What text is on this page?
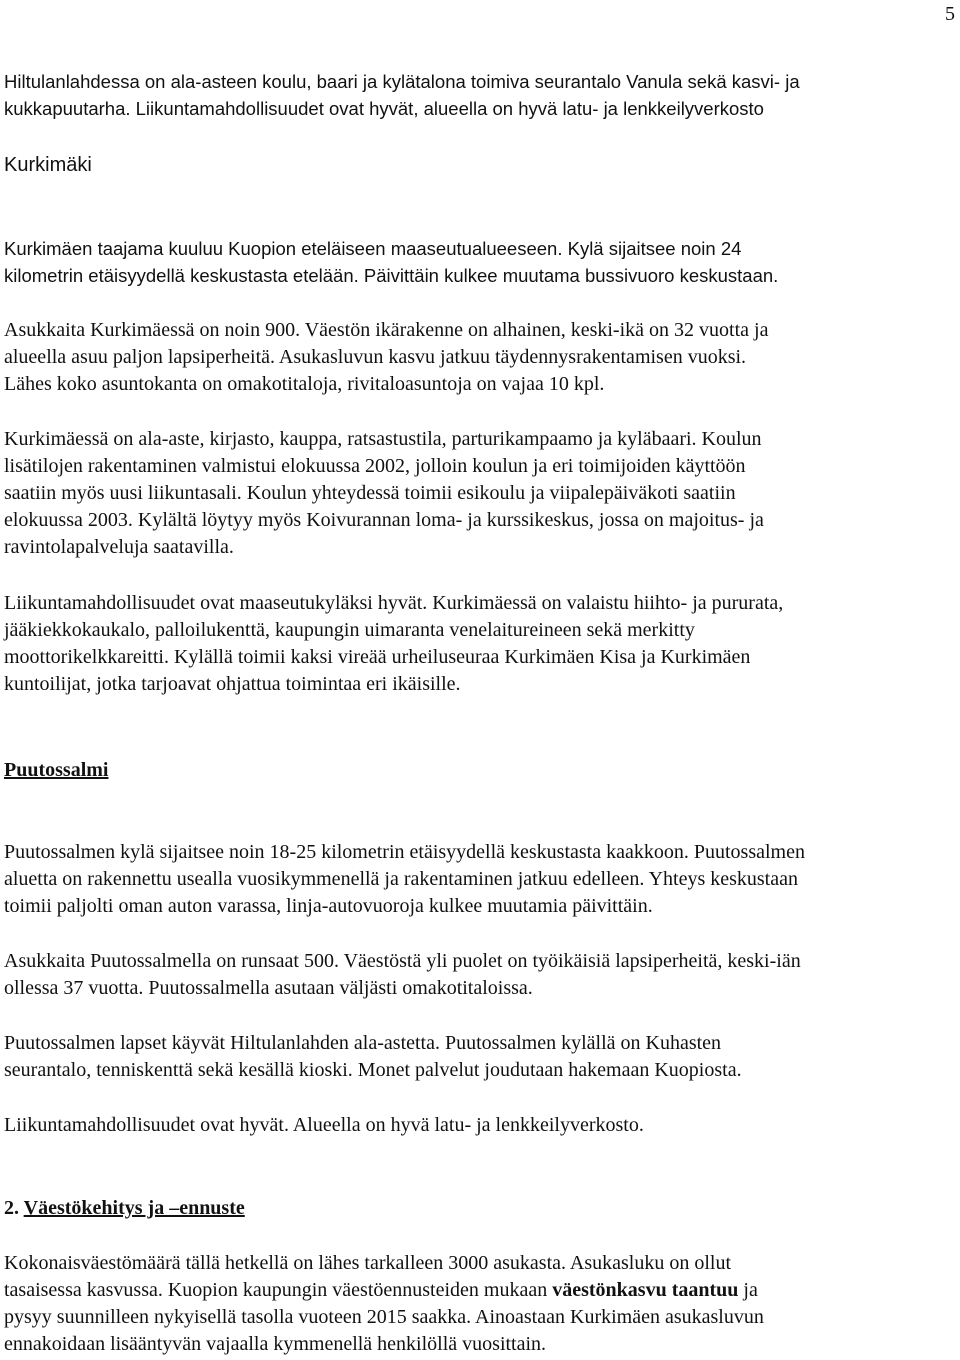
5

Hiltulanlahdessa on ala-asteen koulu, baari ja kylätalona toimiva seurantalo Vanula sekä kasvi- ja
kukkapuutarha. Liikuntamahdollisuudet ovat hyvät, alueella on hyvä latu- ja lenkkeilyverkosto

Kurkimäki

Kurkimäen taajama kuuluu Kuopion eteläiseen maaseutualueeseen. Kylä sijaitsee noin 24
kilometrin etäisyydellä keskustasta etelään. Päivittäin kulkee muutama bussivuoro keskustaan.

Asukkaita Kurkimäessä on noin 900. Väestön ikärakenne on alhainen, keski-ikä on 32 vuotta ja
alueella asuu paljon lapsiperheitä. Asukasluvun kasvu jatkuu täydennysrakentamisen vuoksi.
Lähes koko asuntokanta on omakotitaloja, rivitaloasuntoja on vajaa 10 kpl.

Kurkimäessä on ala-aste, kirjasto, kauppa, ratsastustila, parturikampaamo ja kyläbaari. Koulun
lisätilojen rakentaminen valmistui elokuussa 2002, jolloin koulun ja eri toimijoiden käyttöön
saatiin myös uusi liikuntasali. Koulun yhteydessä toimii esikoulu ja viipalepäiväkoti saatiin
elokuussa 2003. Kylältä löytyy myös Koivurannan loma- ja kurssikeskus, jossa on majoitus- ja
ravintolapalveluja saatavilla.

Liikuntamahdollisuudet ovat maaseutukyläksi hyvät. Kurkimäessä on valaistu hiihto- ja pururata,
jääkiekkokaukalo, palloilukenttä, kaupungin uimaranta venelaitureineen sekä merkitty
moottorikelkkareitti. Kylällä toimii kaksi vireää urheiluseuraa Kurkimäen Kisa ja Kurkimäen
kuntoilijat, jotka tarjoavat ohjattua toimintaa eri ikäisille.

Puutossalmi

Puutossalmen kylä sijaitsee noin 18-25 kilometrin etäisyydellä keskustasta kaakkoon. Puutossalmen
aluetta on rakennettu usealla vuosikymmenellä ja rakentaminen jatkuu edelleen. Yhteys keskustaan
toimii paljolti oman auton varassa, linja-autovuoroja kulkee muutamia päivittäin.

Asukkaita Puutossalmella on runsaat 500. Väestöstä yli puolet on työikäisiä lapsiperheitä, keski-iän
ollessa 37 vuotta. Puutossalmella asutaan väljästi omakotitaloissa.

Puutossalmen lapset käyvät Hiltulanlahden ala-astetta. Puutossalmen kylällä on Kuhasten
seurantalo, tenniskenttä sekä kesällä kioski. Monet palvelut joudutaan hakemaan Kuopiosta.

Liikuntamahdollisuudet ovat hyvät. Alueella on hyvä latu- ja lenkkeilyverkosto.

2. Väestökehitys ja –ennuste

Kokonaisväestömäärä tällä hetkellä on lähes tarkalleen 3000 asukasta. Asukasluku on ollut
tasaisessa kasvussa. Kuopion kaupungin väestöennusteiden mukaan väestönkasvu taantuu ja
pysyy suunnilleen nykyisellä tasolla vuoteen 2015 saakka. Ainoastaan Kurkimäen asukasluvun
ennakoidaan lisääntyvän vajaalla kymmenellä henkilöllä vuosittain.
